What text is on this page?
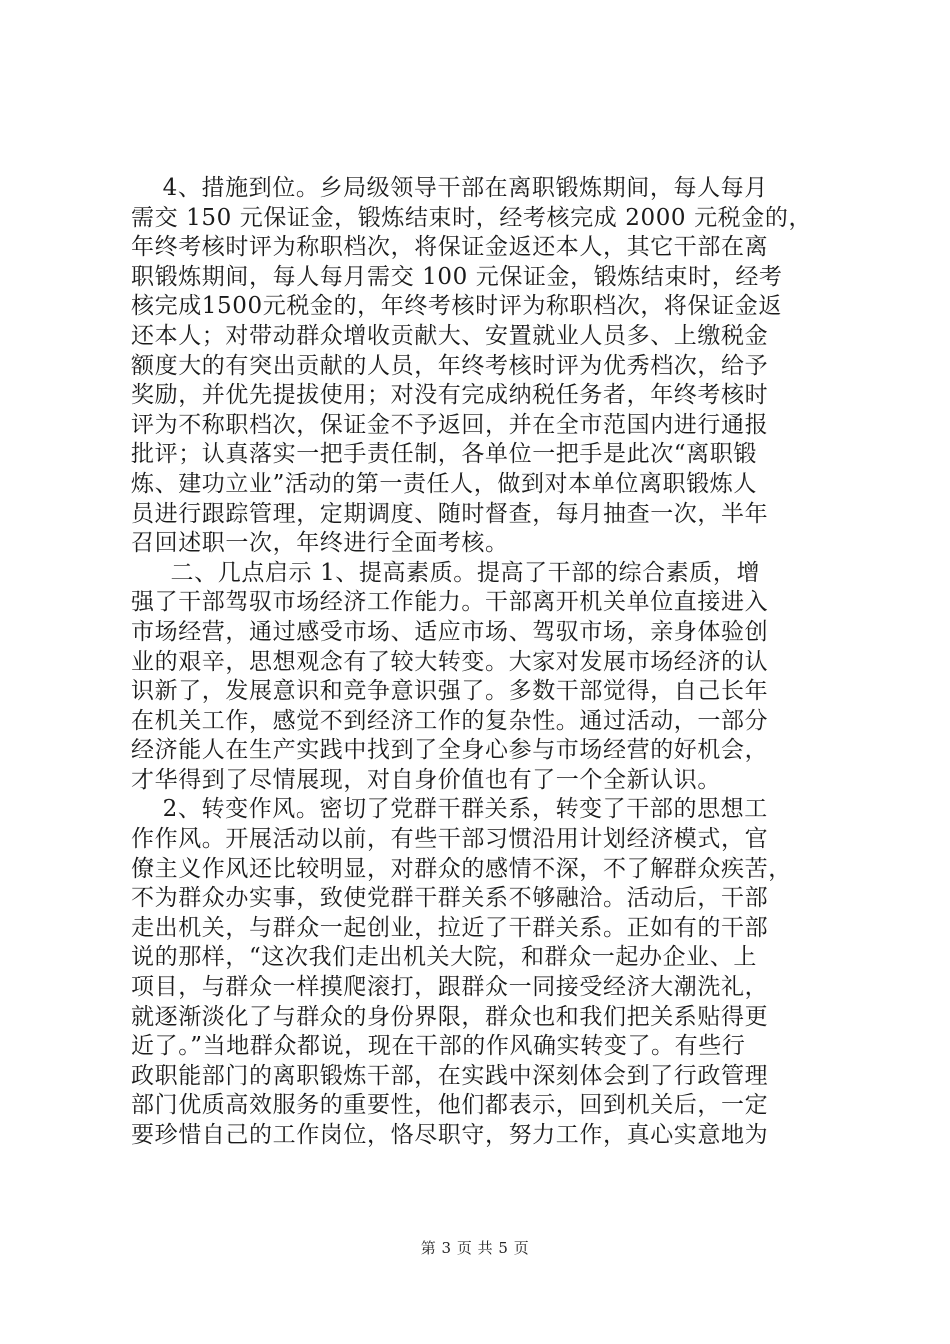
4、措施到位。乡局级领导干部在离职锻炼期间，每人每月
需交 150 元保证金，锻炼结束时，经考核完成 2000 元税金的，
年终考核时评为称职档次，将保证金返还本人，其它干部在离
职锻炼期间，每人每月需交 100 元保证金，锻炼结束时，经考
核完成1500元税金的，年终考核时评为称职档次，将保证金返
还本人；对带动群众增收贡献大、安置就业人员多、上缴税金
额度大的有突出贡献的人员，年终考核时评为优秀档次，给予
奖励，并优先提拔使用；对没有完成纳税任务者，年终考核时
评为不称职档次，保证金不予返回，并在全市范国内进行通报
批评；认真落实一把手责任制，各单位一把手是此次“离职锻
炼、建功立业”活动的第一责任人，做到对本单位离职锻炼人
员进行跟踪管理，定期调度、随时督查，每月抽查一次，半年
召回述职一次，年终进行全面考核。
二、几点启示 1、提高素质。提高了干部的综合素质，增
强了干部驾驭市场经济工作能力。干部离开机关单位直接进入
市场经营，通过感受市场、适应市场、驾驭市场，亲身体验创
业的艰辛，思想观念有了较大转变。大家对发展市场经济的认
识新了，发展意识和竞争意识强了。多数干部觉得，自己长年
在机关工作，感觉不到经济工作的复杂性。通过活动，一部分
经济能人在生产实践中找到了全身心参与市场经营的好机会，
才华得到了尽情展现，对自身价值也有了一个全新认识。
2、转变作风。密切了党群干群关系，转变了干部的思想工
作作风。开展活动以前，有些干部习惯沿用计划经济模式，官
僚主义作风还比较明显，对群众的感情不深，不了解群众疾苦，
不为群众办实事，致使党群干群关系不够融洽。活动后，干部
走出机关，与群众一起创业，拉近了干群关系。正如有的干部
说的那样，“这次我们走出机关大院，和群众一起办企业、上
项目，与群众一样摸爬滚打，跟群众一同接受经济大潮洗礼，
就逐渐淡化了与群众的身份界限，群众也和我们把关系贴得更
近了。”当地群众都说，现在干部的作风确实转变了。有些行
政职能部门的离职锻炼干部，在实践中深刻体会到了行政管理
部门优质高效服务的重要性，他们都表示，回到机关后，一定
要珍惜自己的工作岗位，恪尽职守，努力工作，真心实意地为
第 3 页 共 5 页
